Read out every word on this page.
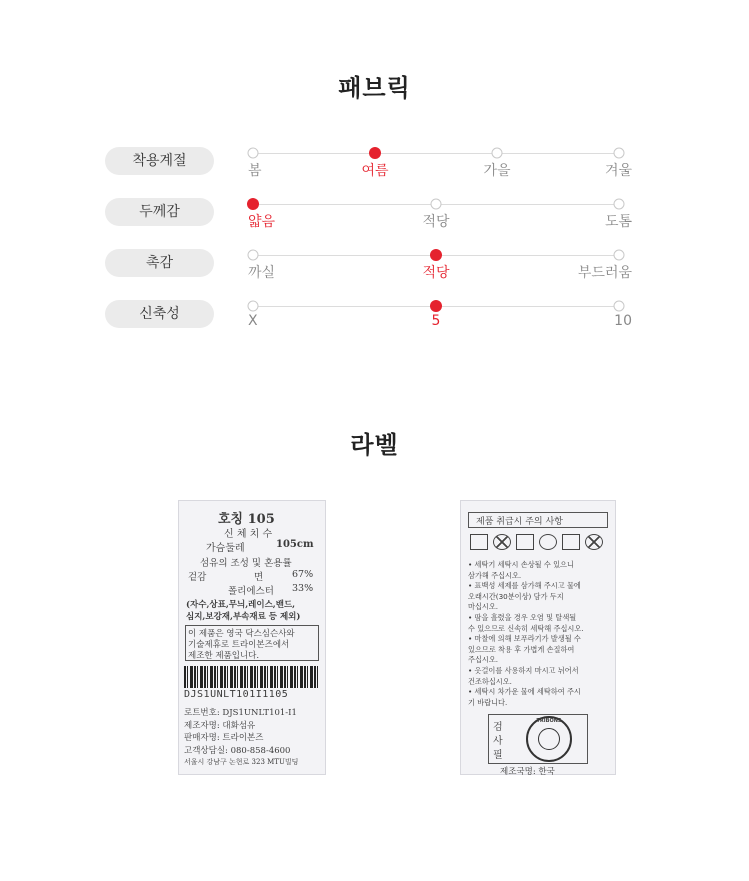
패브릭
착용계절
봄	여름	가을	겨울
두께감
얇음	적당	도톰
촉감
까실	적당	부드러움
신축성	X	5	10
라벨
호칭 105
신 체 치 수
가슴둘레	105cm
섬유의 조성 및 혼용률
겉감	면	67%
폴리에스터 33%
(자수,상표,무늬,레이스,밴드,
심지,보강재,부속재료 등 제외)
이 제품은 영국 닥스심슨사와
기술제휴로 트라이본즈에서
제조한 제품입니다.
DJS1UNLT101I1105
로트번호: DJS1UNLT101-I1
제조자명: 대화섬유
판매자명: 트라이본즈
고객상담실: 080-858-4600
서울시 강남구 논현로 323 MTU빌딩
제품 취급시 주의 사항
검
사
필
TRIBONS
제조국명: 한국
• 세탁기 세탁시 손상될 수 있으니
삼가해 주십시오.
• 표백성 세제를 삼가해 주시고 물에
오래시간(30분이상) 담가 두지
마십시오.
• 땀을 흘렸을 경우 오염 및 탈색될
수 있으므로 신속히 세탁해 주십시오.
• 마찰에 의해 보푸라기가 발생될 수
있으므로 착용 후 가볍게 손질하여
주십시오.
• 옷걸이를 사용하지 마시고 뉘어서
건조하십시오.
• 세탁시 차가운 물에 세탁하여 주시
기 바랍니다.
